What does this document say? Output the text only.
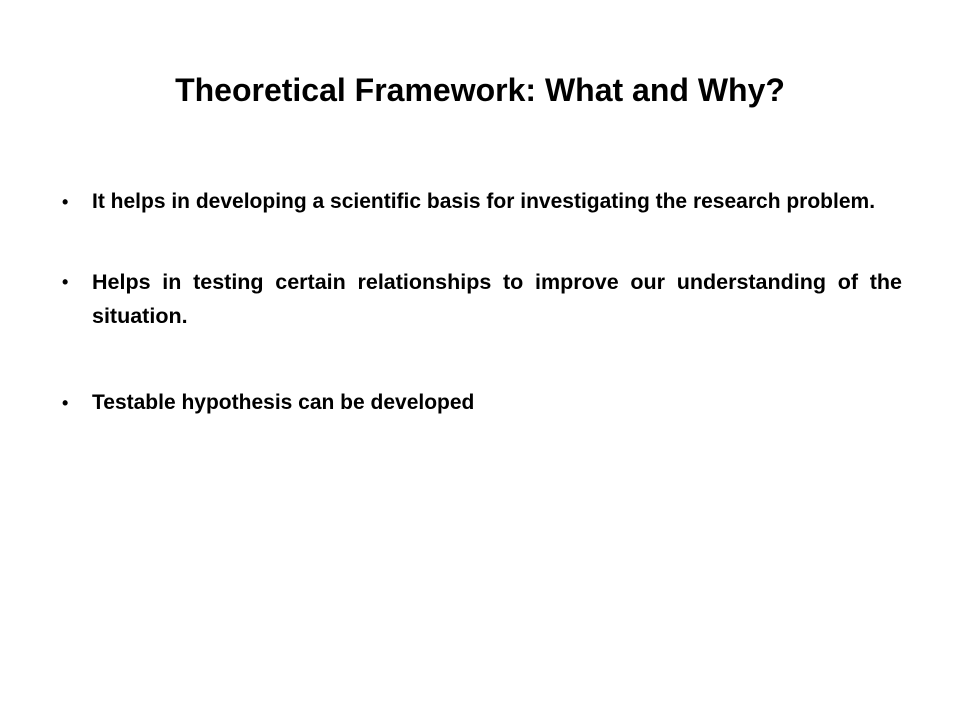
Theoretical Framework: What and Why?
•	It helps in developing a scientific basis for investigating the research problem.
•	Helps in testing certain relationships to improve our understanding of the situation.
•	Testable hypothesis can be developed
